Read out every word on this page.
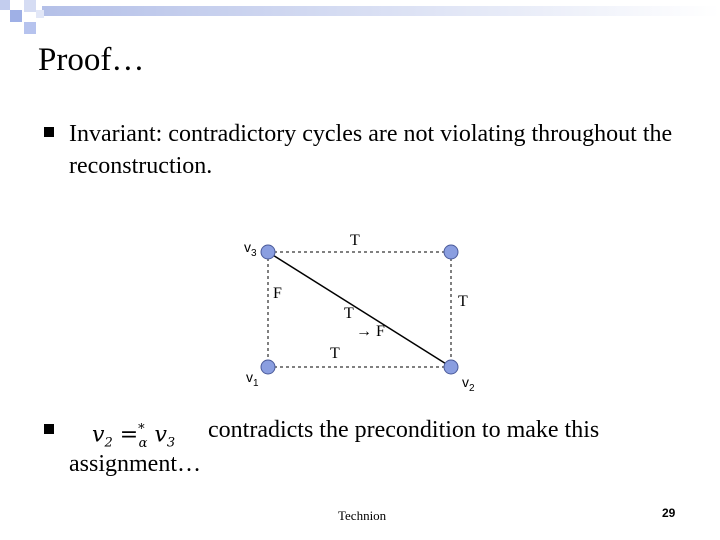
Proof…
Invariant: contradictory cycles are not violating throughout the reconstruction.
$v_3$
$v_1$	$v_2$
T
F	T
T
T
→ F
$v_2 =^*_\alpha$ $v_3$
contradicts the precondition to make this
assignment…
Technion	29
